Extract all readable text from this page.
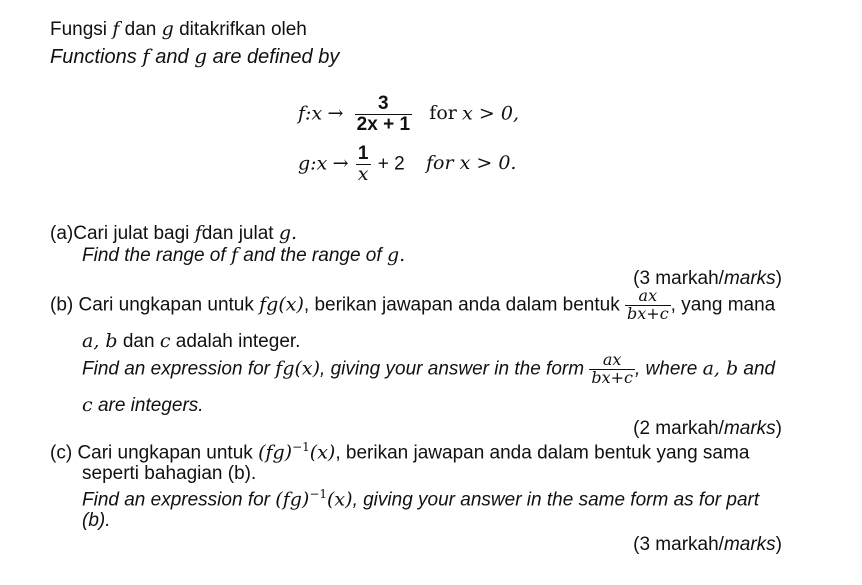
Fungsi f dan g ditakrifkan oleh
Functions f and g are defined by
f:x → $\frac{3}{2x + 1}$ for x > 0,
g:x → $\frac{1}{x} + 2$ for x > 0.
(a)Cari julat bagi fdan julat g.
Find the range of f and the range of g.
(3 markah/marks)
(b) Cari ungkapan untuk fg(x), berikan jawapan anda dalam bentuk $\frac{ax}{bx+c}$ , yang mana
a, b dan c adalah integer.
Find an expression for fg(x), giving your answer in the form $\frac{ax}{bx+c}$ , where a, b and
c are integers.
(2 markah/marks)
(c) Cari ungkapan untuk (fg)$^{-1}$(x), berikan jawapan anda dalam bentuk yang sama
seperti bahagian (b).
Find an expression for (fg)$^{-1}$(x), giving your answer in the same form as for part
(b).
(3 markah/marks)
